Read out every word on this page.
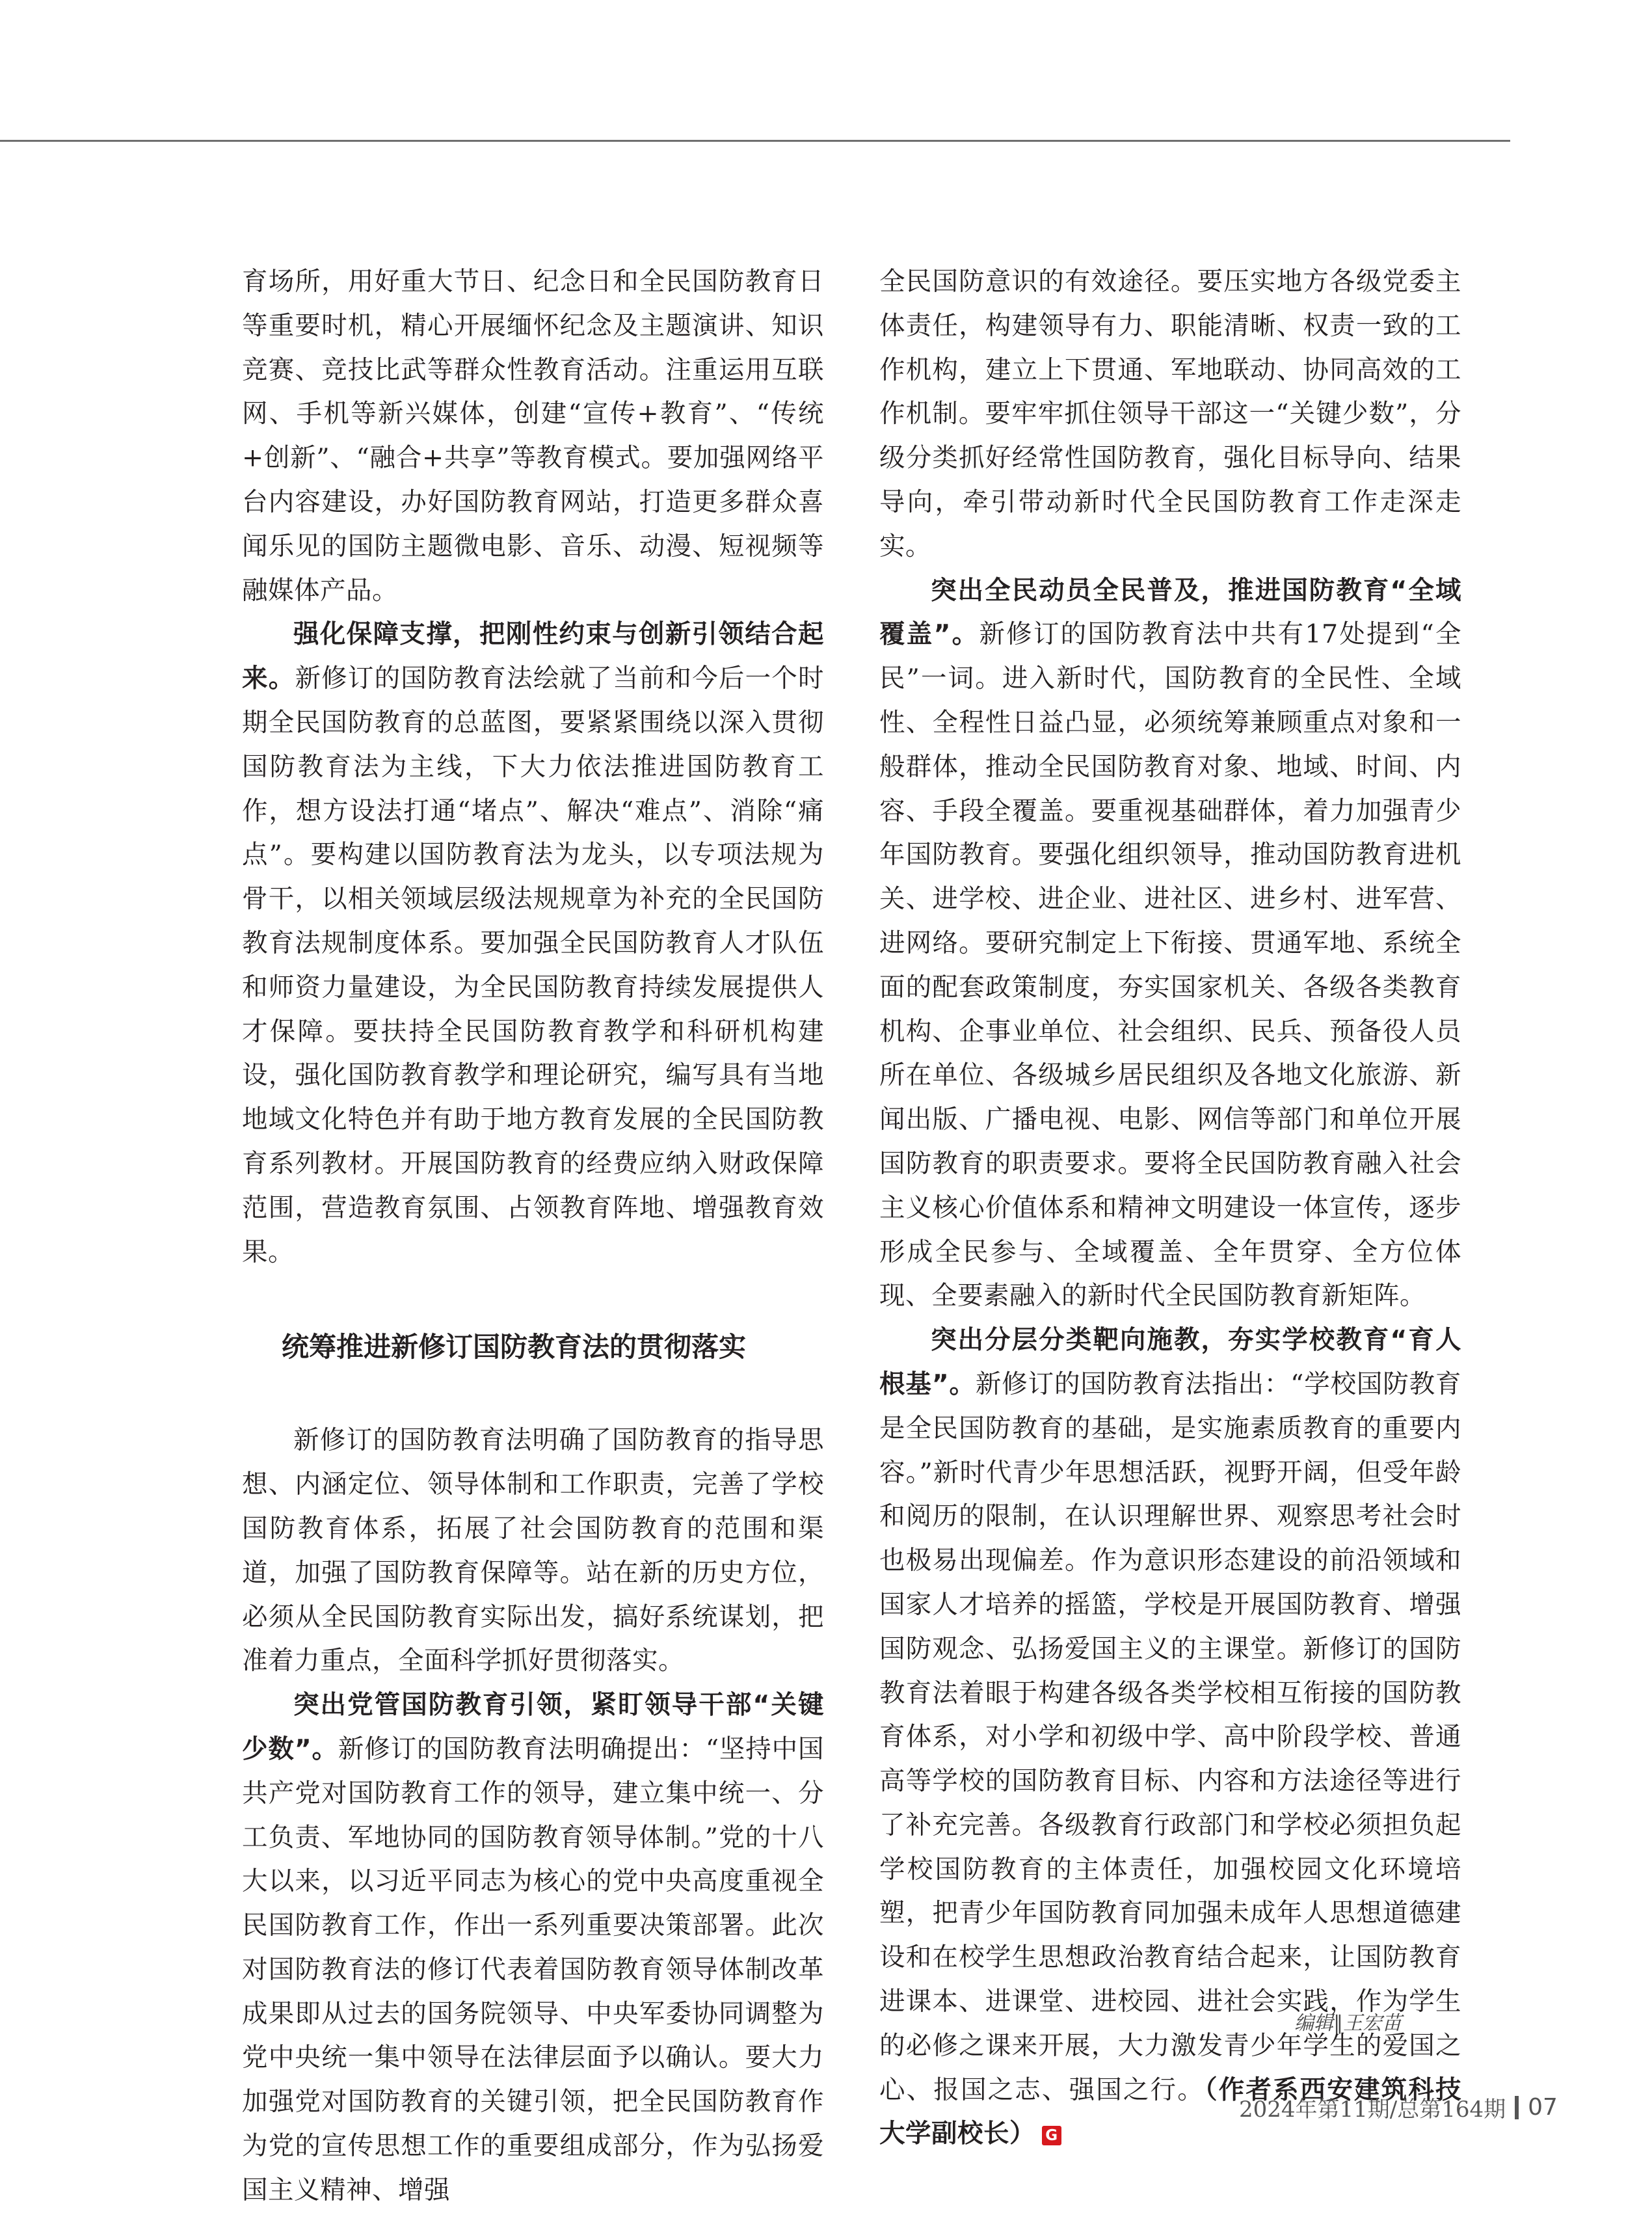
育场所，用好重大节日、纪念日和全民国防教育日等重要时机，精心开展缅怀纪念及主题演讲、知识竞赛、竞技比武等群众性教育活动。注重运用互联网、手机等新兴媒体，创建“宣传+教育”、“传统+创新”、“融合+共享”等教育模式。要加强网络平台内容建设，办好国防教育网站，打造更多群众喜闻乐见的国防主题微电影、音乐、动漫、短视频等融媒体产品。

强化保障支撑，把刚性约束与创新引领结合起来。新修订的国防教育法绘就了当前和今后一个时期全民国防教育的总蓝图，要紧紧围绕以深入贯彻国防教育法为主线，下大力依法推进国防教育工作，想方设法打通“堵点”、解决“难点”、消除“痛点”。要构建以国防教育法为龙头，以专项法规为骨干，以相关领域层级法规规章为补充的全民国防教育法规制度体系。要加强全民国防教育人才队伍和师资力量建设，为全民国防教育持续发展提供人才保障。要扶持全民国防教育教学和科研机构建设，强化国防教育教学和理论研究，编写具有当地地域文化特色并有助于地方教育发展的全民国防教育系列教材。开展国防教育的经费应纳入财政保障范围，营造教育氛围、占领教育阵地、增强教育效果。

统筹推进新修订国防教育法的贯彻落实

新修订的国防教育法明确了国防教育的指导思想、内涵定位、领导体制和工作职责，完善了学校国防教育体系，拓展了社会国防教育的范围和渠道，加强了国防教育保障等。站在新的历史方位，必须从全民国防教育实际出发，搞好系统谋划，把准着力重点，全面科学抓好贯彻落实。

突出党管国防教育引领，紧盯领导干部“关键少数”。新修订的国防教育法明确提出：“坚持中国共产党对国防教育工作的领导，建立集中统一、分工负责、军地协同的国防教育领导体制。”党的十八大以来，以习近平同志为核心的党中央高度重视全民国防教育工作，作出一系列重要决策部署。此次对国防教育法的修订代表着国防教育领导体制改革成果即从过去的国务院领导、中央军委协同调整为党中央统一集中领导在法律层面予以确认。要大力加强党对国防教育的关键引领，把全民国防教育作为党的宣传思想工作的重要组成部分，作为弘扬爱国主义精神、增强

全民国防意识的有效途径。要压实地方各级党委主体责任，构建领导有力、职能清晰、权责一致的工作机构，建立上下贯通、军地联动、协同高效的工作机制。要牢牢抓住领导干部这一“关键少数”，分级分类抓好经常性国防教育，强化目标导向、结果导向，牵引带动新时代全民国防教育工作走深走实。

突出全民动员全民普及，推进国防教育“全域覆盖”。新修订的国防教育法中共有17处提到“全民”一词。进入新时代，国防教育的全民性、全域性、全程性日益凸显，必须统筹兼顾重点对象和一般群体，推动全民国防教育对象、地域、时间、内容、手段全覆盖。要重视基础群体，着力加强青少年国防教育。要强化组织领导，推动国防教育进机关、进学校、进企业、进社区、进乡村、进军营、进网络。要研究制定上下衔接、贯通军地、系统全面的配套政策制度，夯实国家机关、各级各类教育机构、企事业单位、社会组织、民兵、预备役人员所在单位、各级城乡居民组织及各地文化旅游、新闻出版、广播电视、电影、网信等部门和单位开展国防教育的职责要求。要将全民国防教育融入社会主义核心价值体系和精神文明建设一体宣传，逐步形成全民参与、全域覆盖、全年贯穿、全方位体现、全要素融入的新时代全民国防教育新矩阵。

突出分层分类靶向施教，夯实学校教育“育人根基”。新修订的国防教育法指出：“学校国防教育是全民国防教育的基础，是实施素质教育的重要内容。”新时代青少年思想活跃，视野开阔，但受年龄和阅历的限制，在认识理解世界、观察思考社会时也极易出现偏差。作为意识形态建设的前沿领域和国家人才培养的摇篮，学校是开展国防教育、增强国防观念、弘扬爱国主义的主课堂。新修订的国防教育法着眼于构建各级各类学校相互衔接的国防教育体系，对小学和初级中学、高中阶段学校、普通高等学校的国防教育目标、内容和方法途径等进行了补充完善。各级教育行政部门和学校必须担负起学校国防教育的主体责任，加强校园文化环境培塑，把青少年国防教育同加强未成年人思想道德建设和在校学生思想政治教育结合起来，让国防教育进课本、进课堂、进校园、进社会实践，作为学生的必修之课来开展，大力激发青少年学生的爱国之心、报国之志、强国之行。（作者系西安建筑科技大学副校长） G

编辑∥王宏苗
2024年第11期/总第164期 07
